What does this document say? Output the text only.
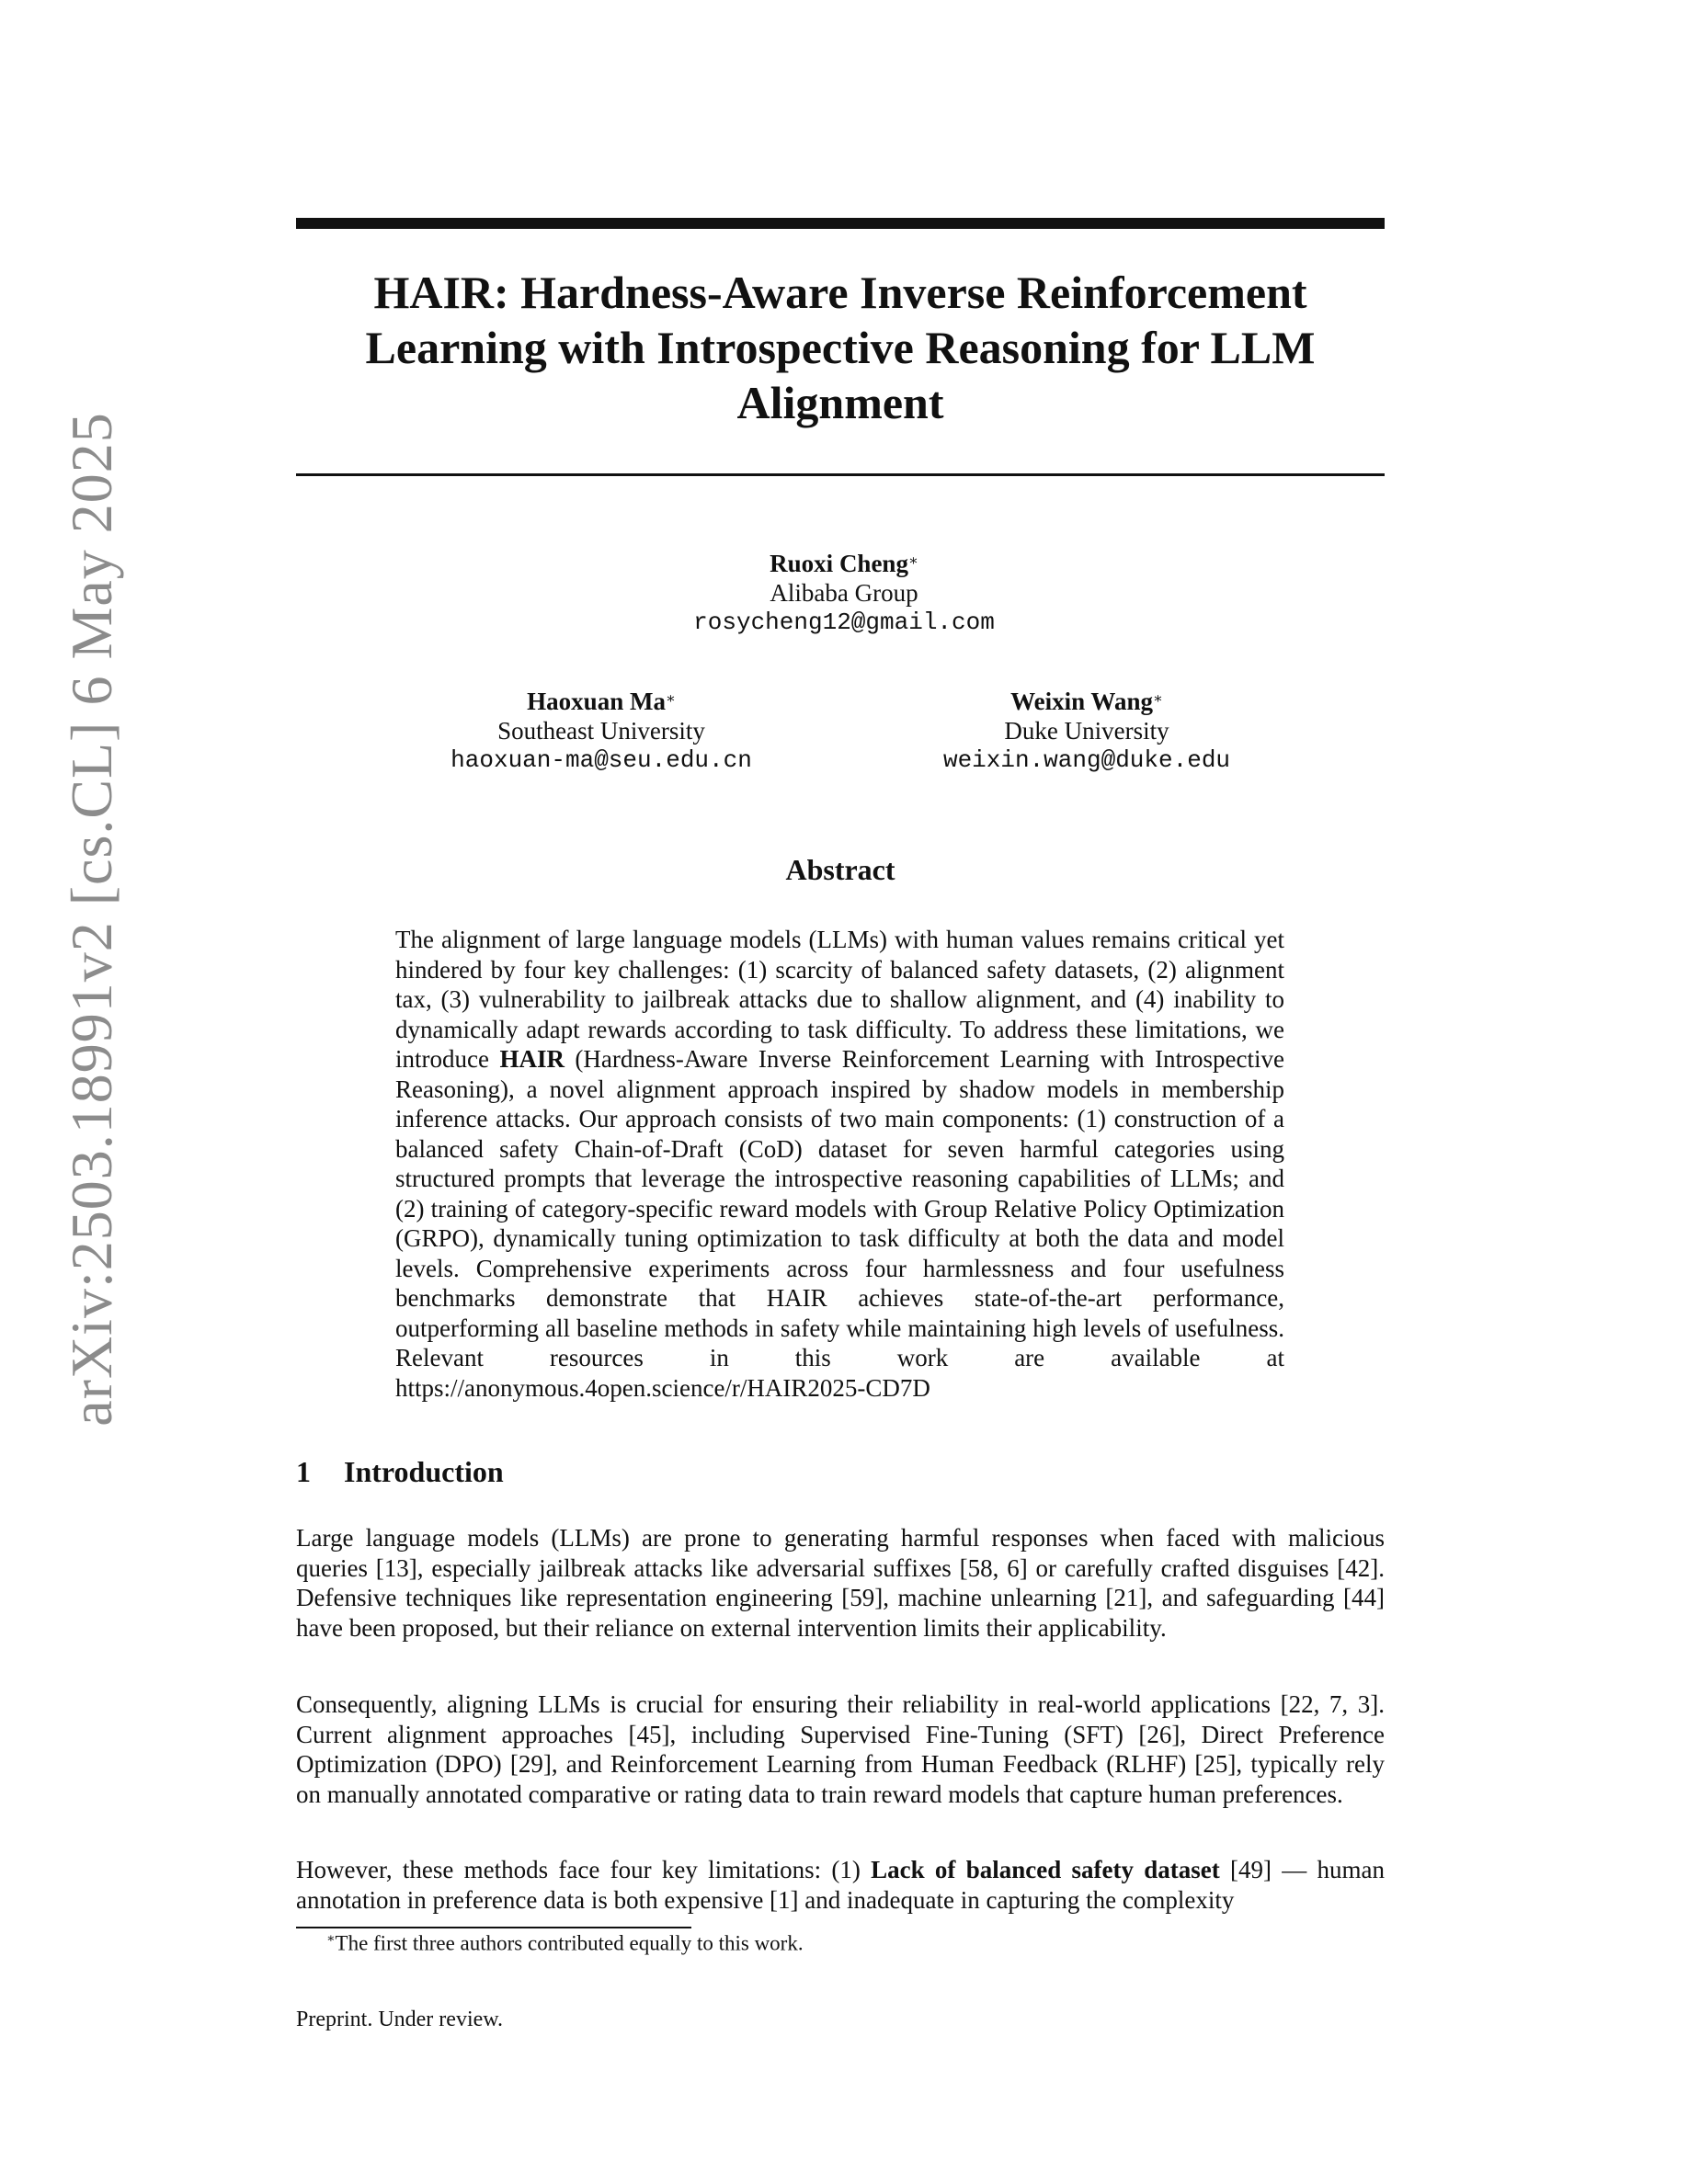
arXiv:2503.18991v2 [cs.CL] 6 May 2025
HAIR: Hardness-Aware Inverse Reinforcement
Learning with Introspective Reasoning for LLM
Alignment
Ruoxi Cheng∗
Alibaba Group
rosycheng12@gmail.com
Haoxuan Ma∗
Southeast University
haoxuan-ma@seu.edu.cn
Weixin Wang∗
Duke University
weixin.wang@duke.edu
Abstract

The alignment of large language models (LLMs) with human values remains critical yet hindered by four key challenges: (1) scarcity of balanced safety datasets, (2) alignment tax, (3) vulnerability to jailbreak attacks due to shallow alignment, and (4) inability to dynamically adapt rewards according to task difficulty. To address these limitations, we introduce HAIR (Hardness-Aware Inverse Reinforcement Learning with Introspective Reasoning), a novel alignment approach inspired by shadow models in membership inference attacks. Our approach consists of two main components: (1) construction of a balanced safety Chain-of-Draft (CoD) dataset for seven harmful categories using structured prompts that leverage the introspective reasoning capabilities of LLMs; and (2) training of category-specific reward models with Group Relative Policy Optimization (GRPO), dynamically tuning optimization to task difficulty at both the data and model levels. Comprehensive experiments across four harmlessness and four usefulness benchmarks demonstrate that HAIR achieves state-of-the-art performance, outperforming all baseline methods in safety while maintaining high levels of usefulness. Relevant resources in this work are available at https://anonymous.4open.science/r/HAIR2025-CD7D

1 Introduction

Large language models (LLMs) are prone to generating harmful responses when faced with malicious queries [13], especially jailbreak attacks like adversarial suffixes [58, 6] or carefully crafted disguises [42]. Defensive techniques like representation engineering [59], machine unlearning [21], and safeguarding [44] have been proposed, but their reliance on external intervention limits their applicability.

Consequently, aligning LLMs is crucial for ensuring their reliability in real-world applications [22, 7, 3]. Current alignment approaches [45], including Supervised Fine-Tuning (SFT) [26], Direct Preference Optimization (DPO) [29], and Reinforcement Learning from Human Feedback (RLHF) [25], typically rely on manually annotated comparative or rating data to train reward models that capture human preferences.

However, these methods face four key limitations: (1) Lack of balanced safety dataset [49] — human annotation in preference data is both expensive [1] and inadequate in capturing the complexity

∗The first three authors contributed equally to this work.

Preprint. Under review.
